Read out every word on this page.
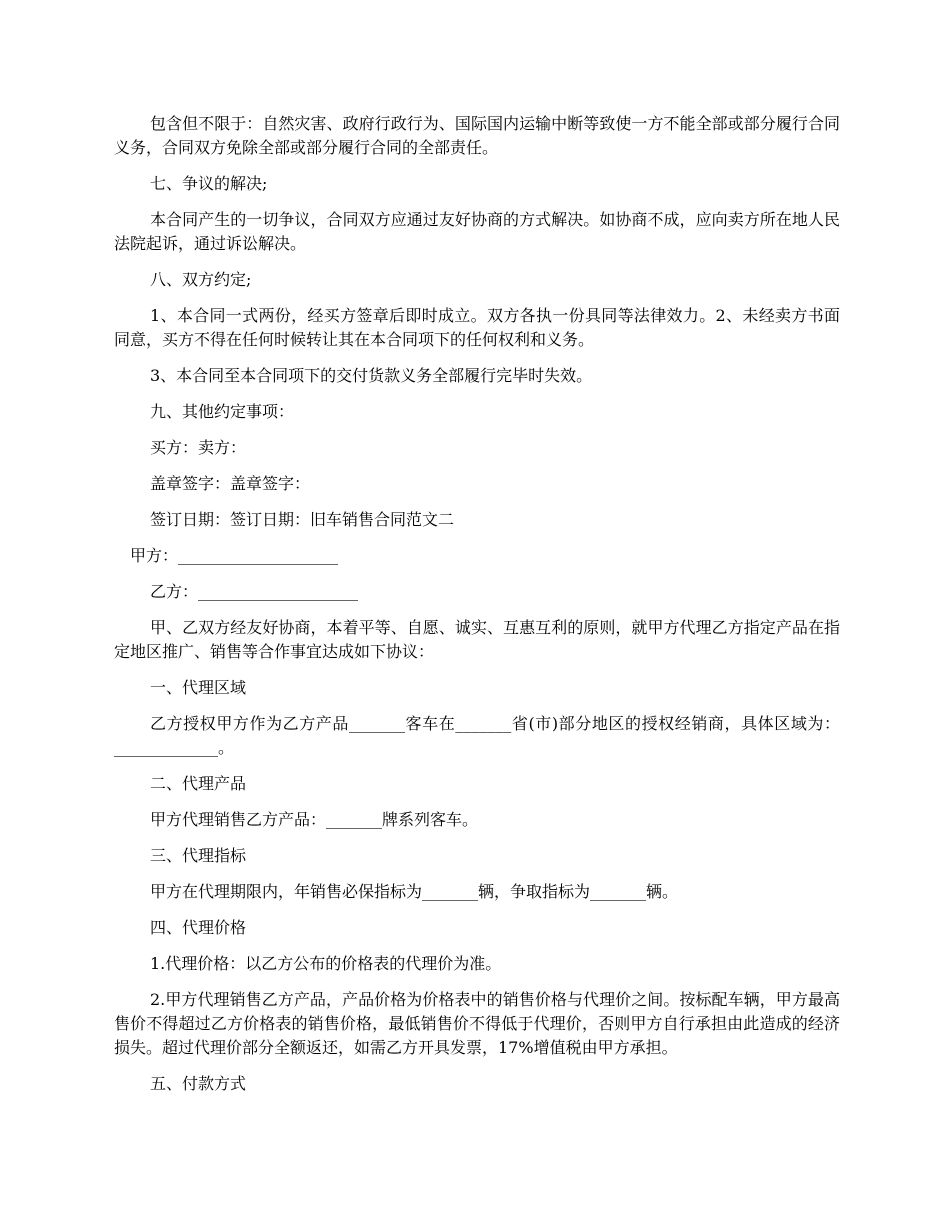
包含但不限于：自然灾害、政府行政行为、国际国内运输中断等致使一方不能全部或部分履行合同义务，合同双方免除全部或部分履行合同的全部责任。

七、争议的解决;

本合同产生的一切争议，合同双方应通过友好协商的方式解决。如协商不成，应向卖方所在地人民法院起诉，通过诉讼解决。

八、双方约定;

1、本合同一式两份，经买方签章后即时成立。双方各执一份具同等法律效力。2、未经卖方书面同意，买方不得在任何时候转让其在本合同项下的任何权利和义务。

3、本合同至本合同项下的交付货款义务全部履行完毕时失效。

九、其他约定事项：

买方：卖方：

盖章签字：盖章签字：

签订日期：签订日期：旧车销售合同范文二

甲方：____________________

乙方：____________________

甲、乙双方经友好协商，本着平等、自愿、诚实、互惠互利的原则，就甲方代理乙方指定产品在指定地区推广、销售等合作事宜达成如下协议：

一、代理区域

乙方授权甲方作为乙方产品_______客车在_______省(市)部分地区的授权经销商，具体区域为：_____________。

二、代理产品

甲方代理销售乙方产品：_______牌系列客车。

三、代理指标

甲方在代理期限内，年销售必保指标为_______辆，争取指标为_______辆。

四、代理价格

1.代理价格：以乙方公布的价格表的代理价为准。

2.甲方代理销售乙方产品，产品价格为价格表中的销售价格与代理价之间。按标配车辆，甲方最高售价不得超过乙方价格表的销售价格，最低销售价不得低于代理价，否则甲方自行承担由此造成的经济损失。超过代理价部分全额返还，如需乙方开具发票，17%增值税由甲方承担。

五、付款方式
